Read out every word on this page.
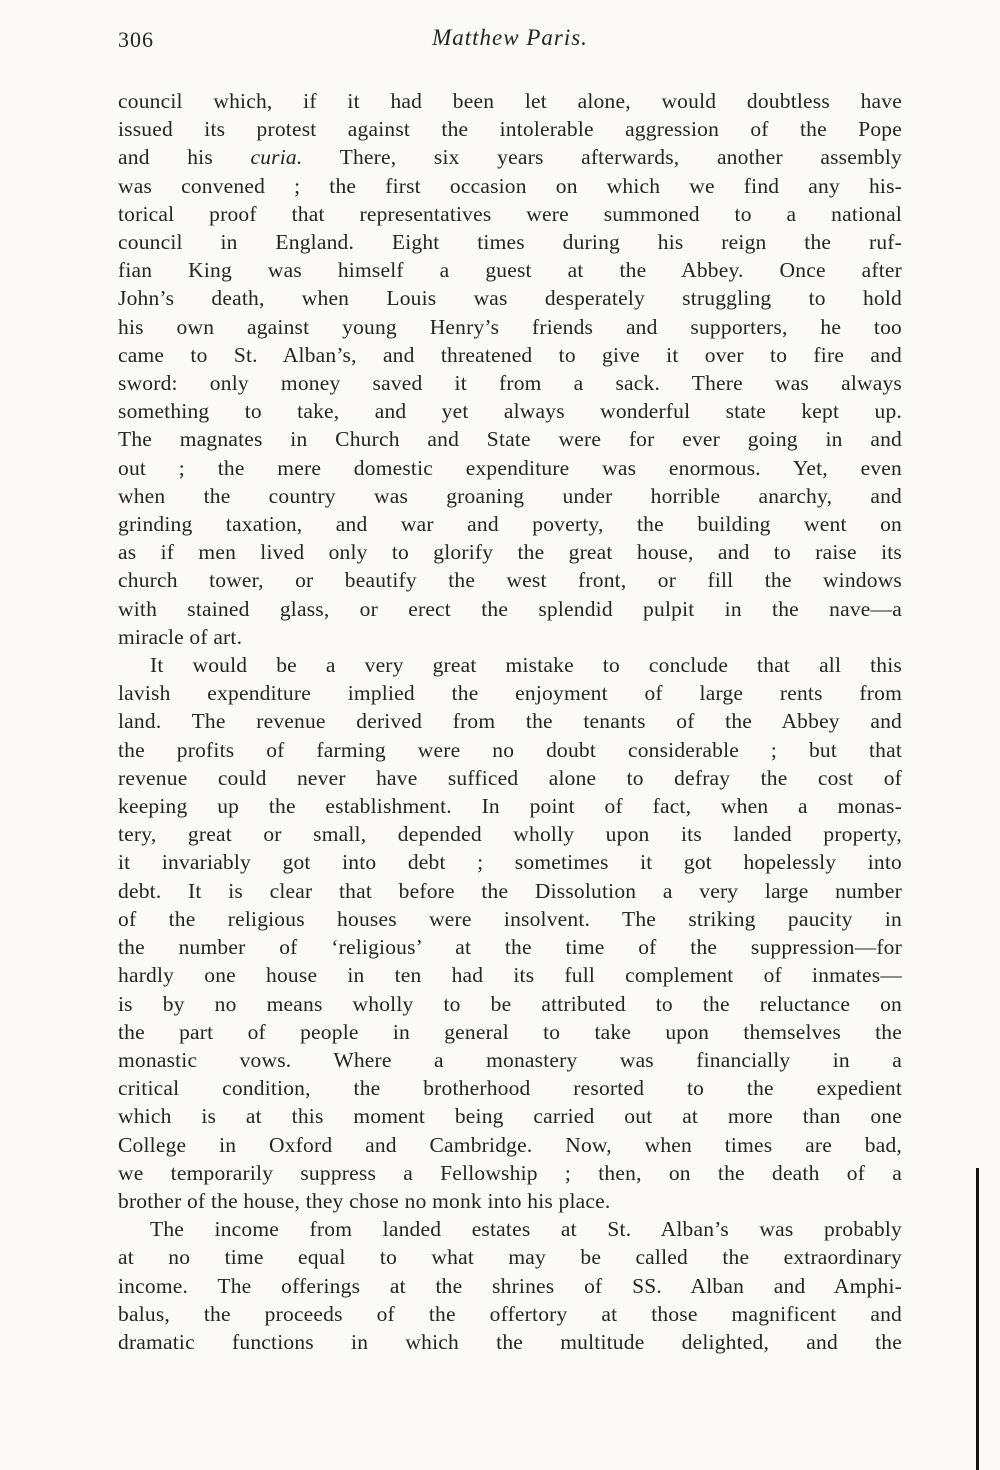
306	Matthew Paris.
council which, if it had been let alone, would doubtless have
issued its protest against the intolerable aggression of the Pope
and his curia. There, six years afterwards, another assembly
was convened ; the first occasion on which we find any his-
torical proof that representatives were summoned to a national
council in England. Eight times during his reign the ruf-
fian King was himself a guest at the Abbey. Once after
John’s death, when Louis was desperately struggling to hold
his own against young Henry’s friends and supporters, he too
came to St. Alban’s, and threatened to give it over to fire and
sword: only money saved it from a sack. There was always
something to take, and yet always wonderful state kept up.
The magnates in Church and State were for ever going in and
out ; the mere domestic expenditure was enormous. Yet, even
when the country was groaning under horrible anarchy, and
grinding taxation, and war and poverty, the building went on
as if men lived only to glorify the great house, and to raise its
church tower, or beautify the west front, or fill the windows
with stained glass, or erect the splendid pulpit in the nave—a
miracle of art.
It would be a very great mistake to conclude that all this
lavish expenditure implied the enjoyment of large rents from
land. The revenue derived from the tenants of the Abbey and
the profits of farming were no doubt considerable ; but that
revenue could never have sufficed alone to defray the cost of
keeping up the establishment. In point of fact, when a monas-
tery, great or small, depended wholly upon its landed property,
it invariably got into debt ; sometimes it got hopelessly into
debt. It is clear that before the Dissolution a very large number
of the religious houses were insolvent. The striking paucity in
the number of ‘religious’ at the time of the suppression—for
hardly one house in ten had its full complement of inmates—
is by no means wholly to be attributed to the reluctance on
the part of people in general to take upon themselves the
monastic vows. Where a monastery was financially in a
critical condition, the brotherhood resorted to the expedient
which is at this moment being carried out at more than one
College in Oxford and Cambridge. Now, when times are bad,
we temporarily suppress a Fellowship ; then, on the death of a
brother of the house, they chose no monk into his place.
The income from landed estates at St. Alban’s was probably
at no time equal to what may be called the extraordinary
income. The offerings at the shrines of SS. Alban and Amphi-
balus, the proceeds of the offertory at those magnificent and
dramatic functions in which the multitude delighted, and the
